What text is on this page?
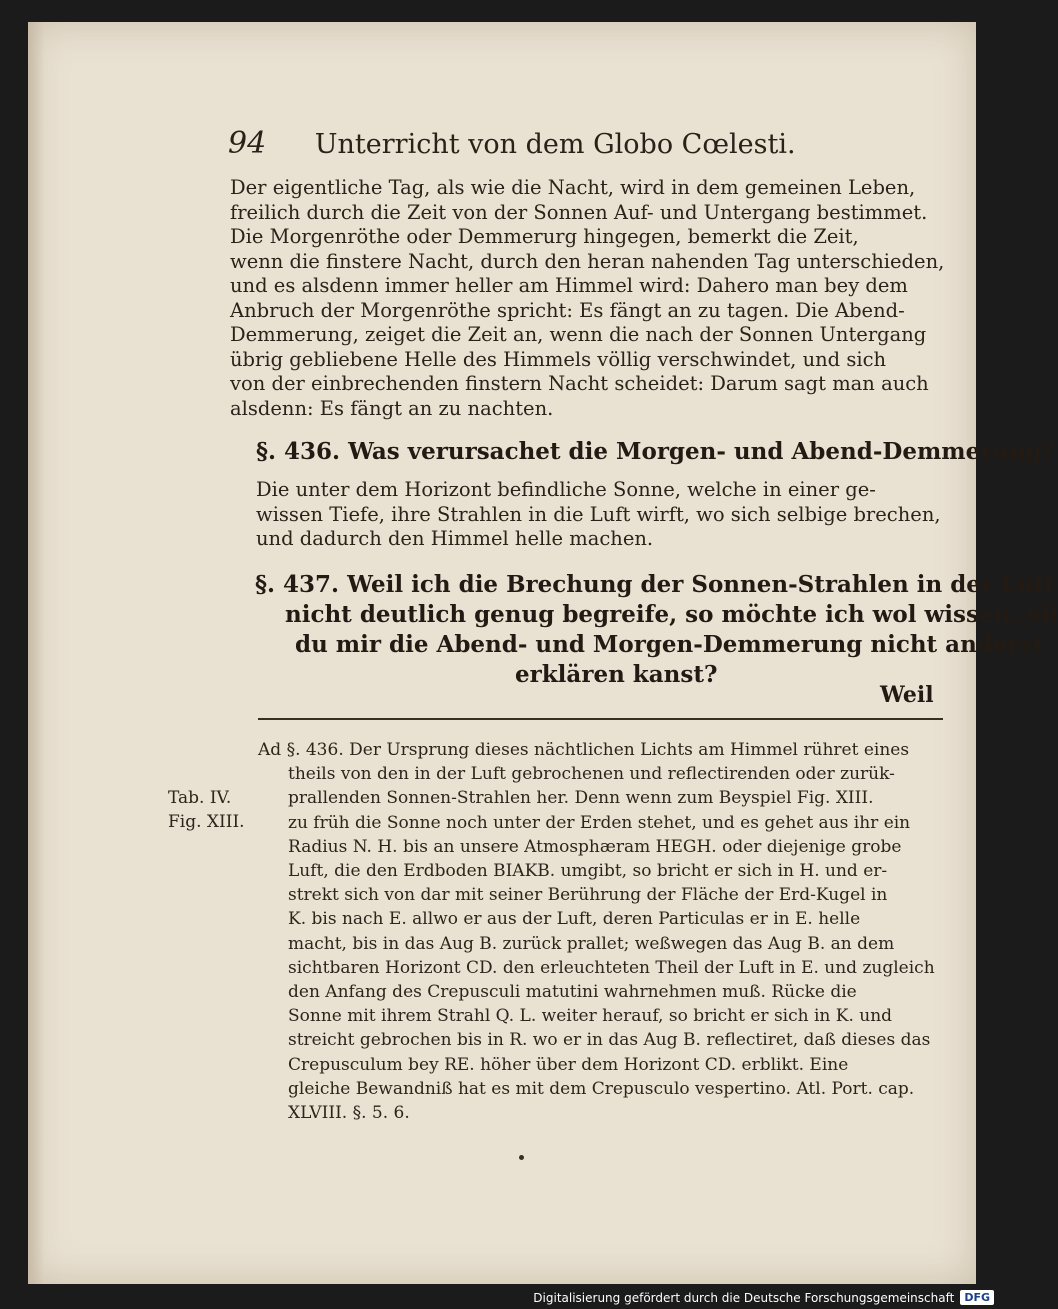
94 Unterricht von dem Globo Cœlesti.
Der eigentliche Tag, als wie die Nacht, wird in dem gemeinen Leben,
freilich durch die Zeit von der Sonnen Auf- und Untergang bestimmet.
Die Morgenröthe oder Demmerurg hingegen, bemerkt die Zeit,
wenn die finstere Nacht, durch den heran nahenden Tag unterschieden,
und es alsdenn immer heller am Himmel wird: Dahero man bey dem
Anbruch der Morgenröthe spricht: Es fängt an zu tagen. Die Abend-
Demmerung, zeiget die Zeit an, wenn die nach der Sonnen Untergang
übrig gebliebene Helle des Himmels völlig verschwindet, und sich
von der einbrechenden finstern Nacht scheidet: Darum sagt man auch
alsdenn: Es fängt an zu nachten.
§. 436. Was verursachet die Morgen- und Abend-Demmerung?
Die unter dem Horizont befindliche Sonne, welche in einer ge-
wissen Tiefe, ihre Strahlen in die Luft wirft, wo sich selbige brechen,
und dadurch den Himmel helle machen.
§. 437. Weil ich die Brechung der Sonnen-Strahlen in der Luft
nicht deutlich genug begreife, so möchte ich wol wissen, ob
du mir die Abend- und Morgen-Demmerung nicht anderst
erklären kanst?
Weil
Tab. IV.
Fig. XIII.
Ad §. 436. Der Ursprung dieses nächtlichen Lichts am Himmel rühret eines
theils von den in der Luft gebrochenen und reflectirenden oder zurük-
prallenden Sonnen-Strahlen her. Denn wenn zum Beyspiel Fig. XIII.
zu früh die Sonne noch unter der Erden stehet, und es gehet aus ihr ein
Radius N. H. bis an unsere Atmosphæram HEGH. oder diejenige grobe
Luft, die den Erdboden BIAKB. umgibt, so bricht er sich in H. und er-
strekt sich von dar mit seiner Berührung der Fläche der Erd-Kugel in
K. bis nach E. allwo er aus der Luft, deren Particulas er in E. helle
macht, bis in das Aug B. zurück prallet; weßwegen das Aug B. an dem
sichtbaren Horizont CD. den erleuchteten Theil der Luft in E. und zugleich
den Anfang des Crepusculi matutini wahrnehmen muß. Rücke die
Sonne mit ihrem Strahl Q. L. weiter herauf, so bricht er sich in K. und
streicht gebrochen bis in R. wo er in das Aug B. reflectiret, daß dieses das
Crepusculum bey RE. höher über dem Horizont CD. erblikt. Eine
gleiche Bewandniß hat es mit dem Crepusculo vespertino. Atl. Port. cap.
XLVIII. §. 5. 6.
Digitalisierung gefördert durch die Deutsche Forschungsgemeinschaft DFG
